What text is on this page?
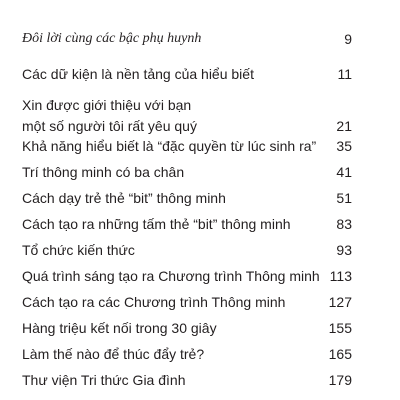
Đôi lời cùng các bậc phụ huynh	9
Các dữ kiện là nền tảng của hiểu biết	11
Xin được giới thiệu với bạn
một số người tôi rất yêu quý	21
Khả năng hiểu biết là “đặc quyền từ lúc sinh ra” 35
Trí thông minh có ba chân	41
Cách dạy trẻ thẻ “bit” thông minh	51
Cách tạo ra những tấm thẻ “bit” thông minh	83
Tổ chức kiến thức	93
Quá trình sáng tạo ra Chương trình Thông minh 113
Cách tạo ra các Chương trình Thông minh	127
Hàng triệu kết nối trong 30 giây	155
Làm thế nào để thúc đẩy trẻ?	165
Thư viện Tri thức Gia đình	179
